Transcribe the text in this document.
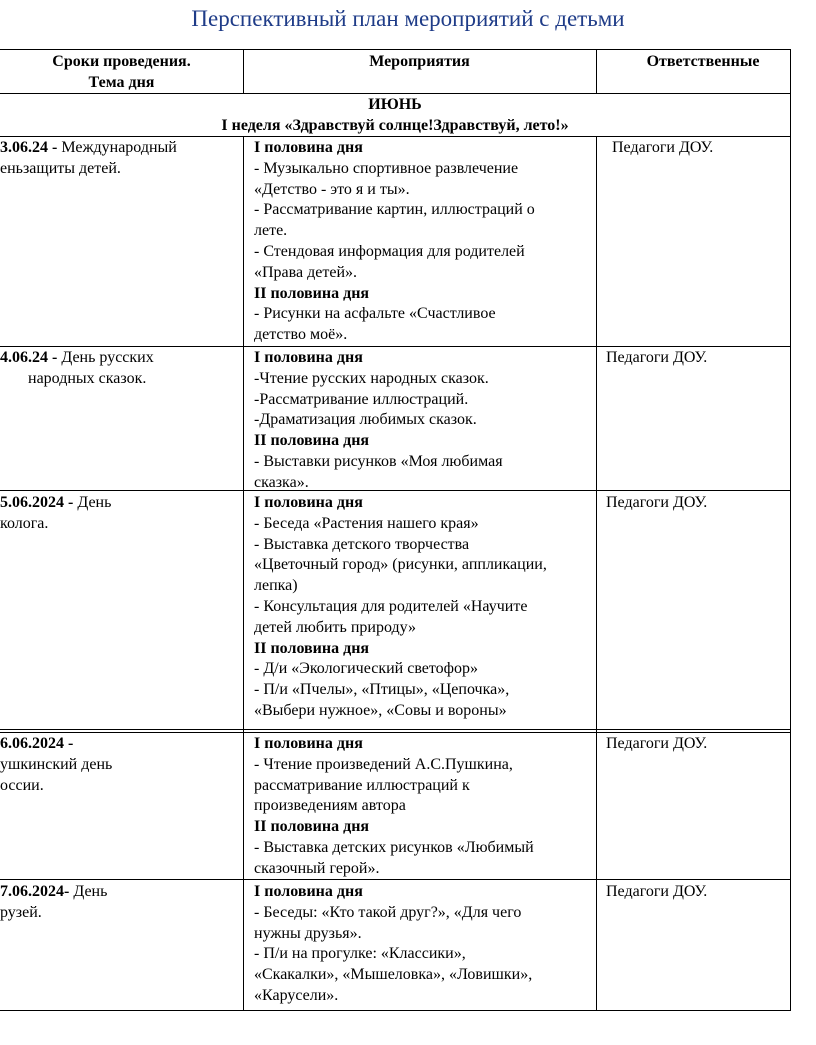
Перспективный план мероприятий с детьми
Сроки проведения.
Тема дня
Мероприятия	Ответственные
ИЮНЬ
I неделя «Здравствуй солнце!Здравствуй, лето!»
3.06.24 - Международный
еньзащиты детей.
I половина дня
- Музыкально спортивное развлечение
«Детство - это я и ты».
- Рассматривание картин, иллюстраций о
лете.
- Стендовая информация для родителей
«Права детей».
II половина дня
- Рисунки на асфальте «Счастливое
детство моё».
Педагоги ДОУ.
4.06.24 - День русских
народных сказок.
I половина дня
-Чтение русских народных сказок.
-Рассматривание иллюстраций.
-Драматизация любимых сказок.
II половина дня
- Выставки рисунков «Моя любимая
сказка».
Педагоги ДОУ.
5.06.2024 - День
колога.
I половина дня
- Беседа «Растения нашего края»
- Выставка детского творчества
«Цветочный город» (рисунки, аппликации,
лепка)
- Консультация для родителей «Научите
детей любить природу»
II половина дня
- Д/и «Экологический светофор»
- П/и «Пчелы», «Птицы», «Цепочка»,
«Выбери нужное», «Совы и вороны»
Педагоги ДОУ.
6.06.2024 -
ушкинский день
оссии.
I половина дня
- Чтение произведений А.С.Пушкина,
рассматривание иллюстраций к
произведениям автора
II половина дня
- Выставка детских рисунков «Любимый
сказочный герой».
Педагоги ДОУ.
7.06.2024- День
рузей.
I половина дня
- Беседы: «Кто такой друг?», «Для чего
нужны друзья».
- П/и на прогулке: «Классики»,
«Скакалки», «Мышеловка», «Ловишки»,
«Карусели».
Педагоги ДОУ.
